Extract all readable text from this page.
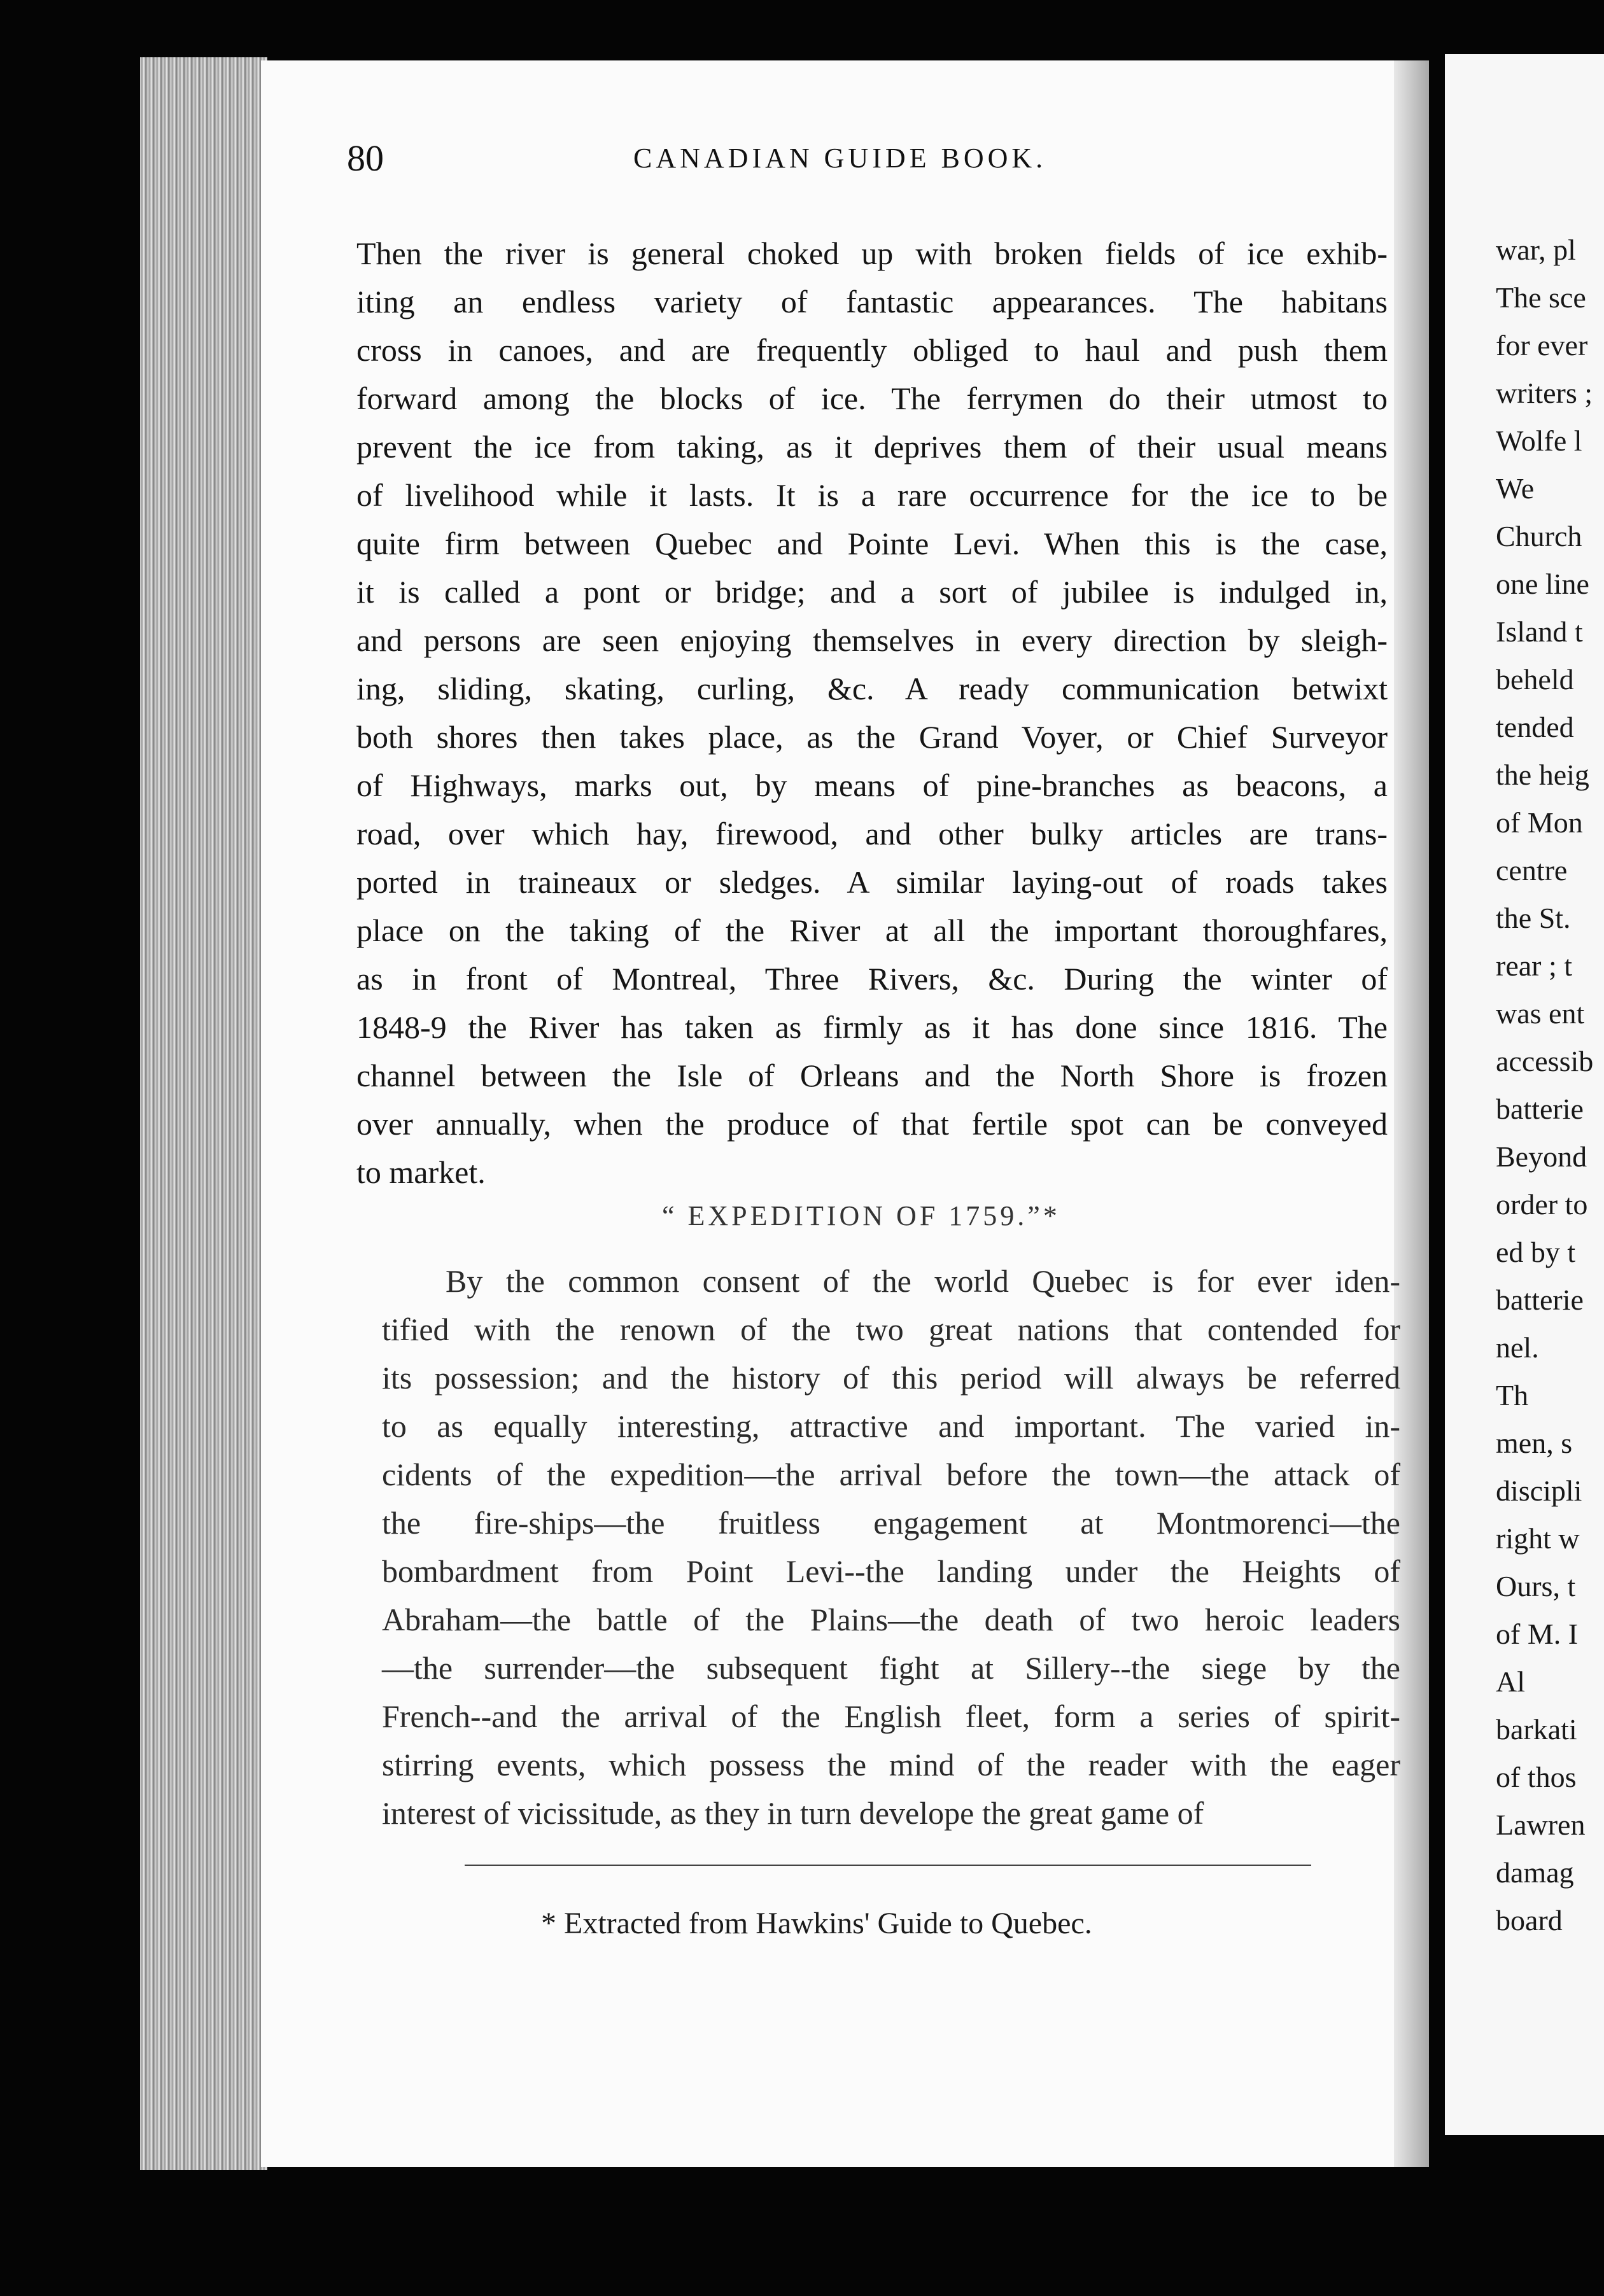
war, pl
The sce
for ever
writers ;
Wolfe l
We
Church
one line
Island t
beheld
tended
the heig
of Mon
centre
the St.
rear ; t
was ent
accessib
batterie
Beyond
order to
ed by t
batterie
nel.
Th
men, s
discipli
right w
Ours, t
of M. I
Al
barkati
of thos
Lawren
damag
board
80	CANADIAN GUIDE BOOK.
Then the river is general choked up with broken fields of ice exhib-
iting an endless variety of fantastic appearances. The habitans
cross in canoes, and are frequently obliged to haul and push them
forward among the blocks of ice. The ferrymen do their utmost to
prevent the ice from taking, as it deprives them of their usual means
of livelihood while it lasts. It is a rare occurrence for the ice to be
quite firm between Quebec and Pointe Levi. When this is the case,
it is called a pont or bridge; and a sort of jubilee is indulged in,
and persons are seen enjoying themselves in every direction by sleigh-
ing, sliding, skating, curling, &c. A ready communication betwixt
both shores then takes place, as the Grand Voyer, or Chief Surveyor
of Highways, marks out, by means of pine-branches as beacons, a
road, over which hay, firewood, and other bulky articles are trans-
ported in traineaux or sledges. A similar laying-out of roads takes
place on the taking of the River at all the important thoroughfares,
as in front of Montreal, Three Rivers, &c. During the winter of
1848-9 the River has taken as firmly as it has done since 1816. The
channel between the Isle of Orleans and the North Shore is frozen
over annually, when the produce of that fertile spot can be conveyed
to market.
“ EXPEDITION OF 1759.”*
By the common consent of the world Quebec is for ever iden-
tified with the renown of the two great nations that contended for
its possession; and the history of this period will always be referred
to as equally interesting, attractive and important. The varied in-
cidents of the expedition—the arrival before the town—the attack of
the fire-ships—the fruitless engagement at Montmorenci—the
bombardment from Point Levi--the landing under the Heights of
Abraham—the battle of the Plains—the death of two heroic leaders
—the surrender—the subsequent fight at Sillery--the siege by the
French--and the arrival of the English fleet, form a series of spirit-
stirring events, which possess the mind of the reader with the eager
interest of vicissitude, as they in turn develope the great game of
* Extracted from Hawkins' Guide to Quebec.
